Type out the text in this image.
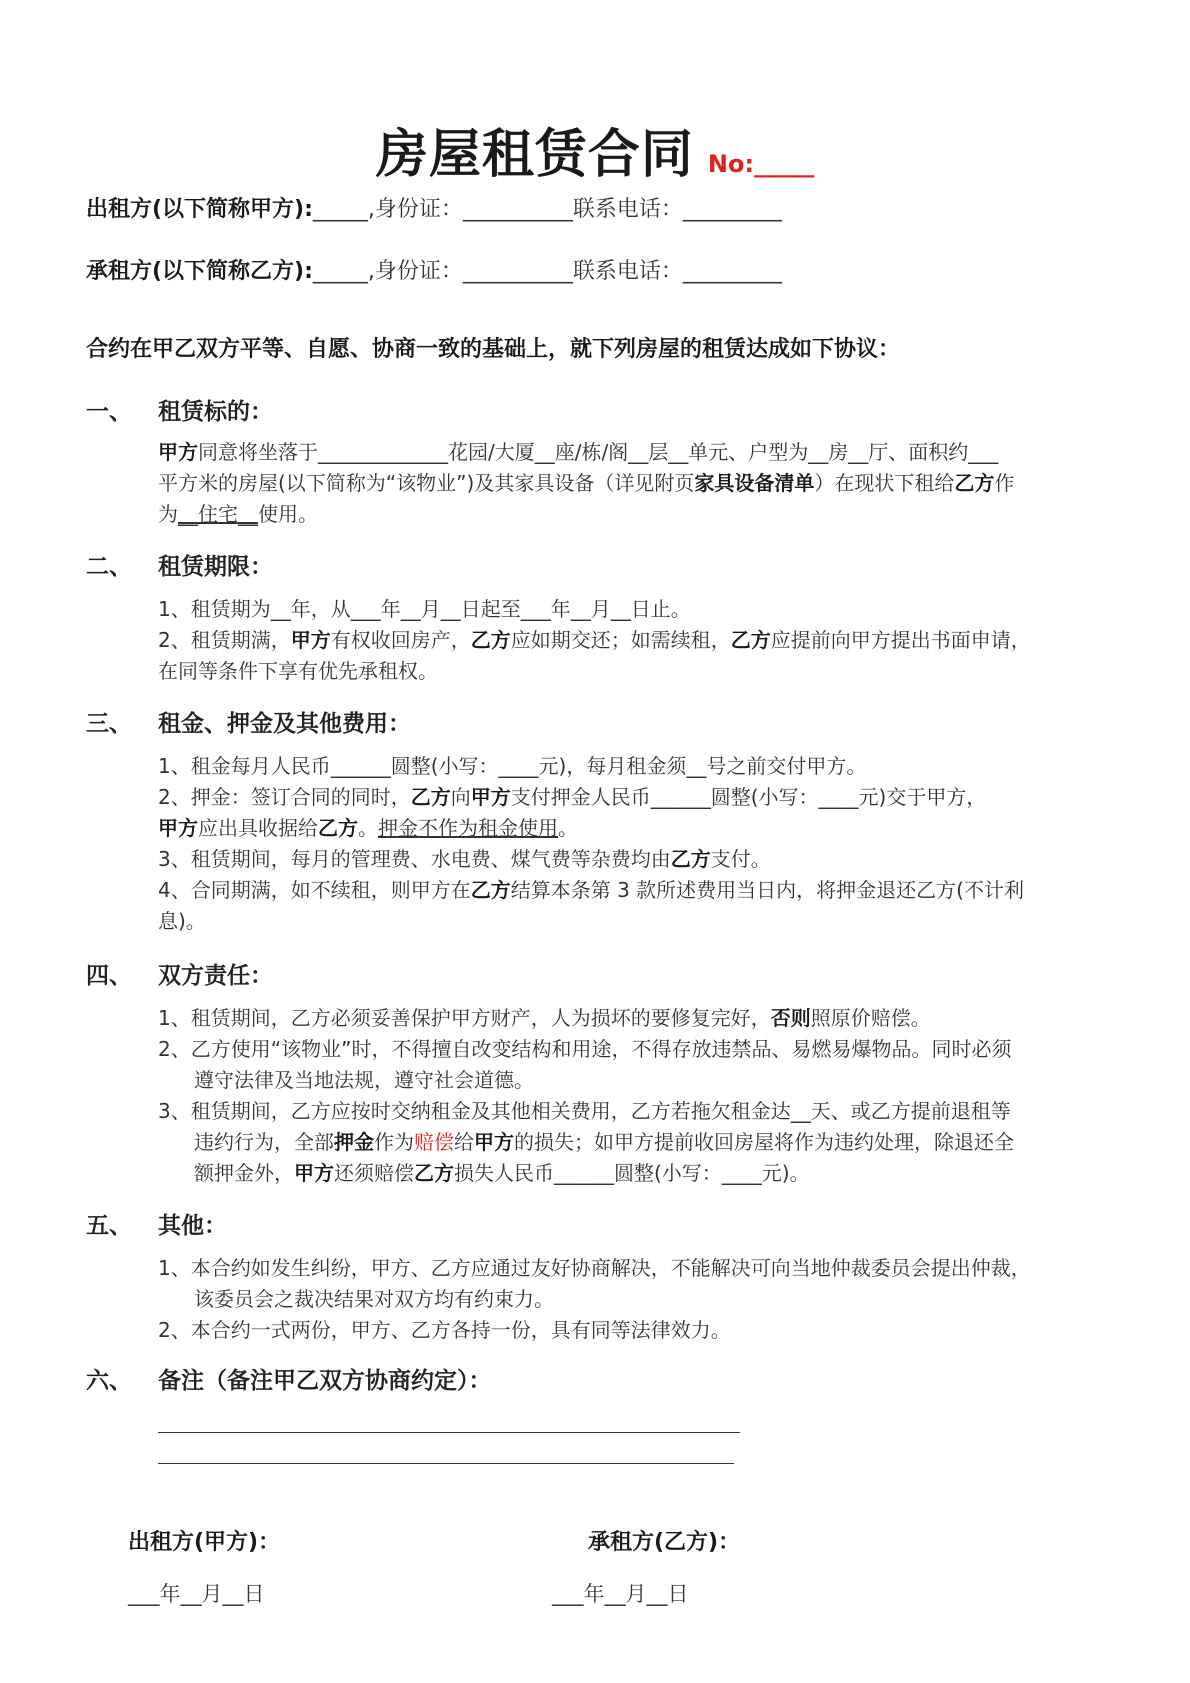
房屋租赁合同 No:_____
出租方(以下简称甲方):_____,身份证：__________联系电话：_________
承租方(以下简称乙方):_____,身份证：__________联系电话：_________
合约在甲乙双方平等、自愿、协商一致的基础上，就下列房屋的租赁达成如下协议：
一、 租赁标的：
甲方同意将坐落于_____________花园/大厦__座/栋/阁__层__单元、户型为__房__厅、面积约___
平方米的房屋(以下简称为“该物业”)及其家具设备（详见附页家具设备清单）在现状下租给乙方作
为__住宅__使用。
二、 租赁期限：
1、租赁期为__年，从___年__月__日起至___年__月__日止。
2、租赁期满，甲方有权收回房产，乙方应如期交还；如需续租，乙方应提前向甲方提出书面申请，
在同等条件下享有优先承租权。
三、 租金、押金及其他费用：
1、租金每月人民币______圆整(小写：____元)，每月租金须__号之前交付甲方。
2、押金：签订合同的同时，乙方向甲方支付押金人民币______圆整(小写：____元)交于甲方，
甲方应出具收据给乙方。押金不作为租金使用。
3、租赁期间，每月的管理费、水电费、煤气费等杂费均由乙方支付。
4、合同期满，如不续租，则甲方在乙方结算本条第 3 款所述费用当日内，将押金退还乙方(不计利
息)。
四、 双方责任：
1、租赁期间，乙方必须妥善保护甲方财产，人为损坏的要修复完好，否则照原价赔偿。
2、乙方使用“该物业”时，不得擅自改变结构和用途，不得存放违禁品、易燃易爆物品。同时必须
遵守法律及当地法规，遵守社会道德。
3、租赁期间，乙方应按时交纳租金及其他相关费用，乙方若拖欠租金达__天、或乙方提前退租等
违约行为，全部押金作为赔偿给甲方的损失；如甲方提前收回房屋将作为违约处理，除退还全
额押金外，甲方还须赔偿乙方损失人民币______圆整(小写：____元)。
五、 其他：
1、本合约如发生纠纷，甲方、乙方应通过友好协商解决，不能解决可向当地仲裁委员会提出仲裁，
该委员会之裁决结果对双方均有约束力。
2、本合约一式两份，甲方、乙方各持一份，具有同等法律效力。
六、 备注（备注甲乙双方协商约定）：
出租方(甲方)：	承租方(乙方)：
___年__月__日	___年__月__日
